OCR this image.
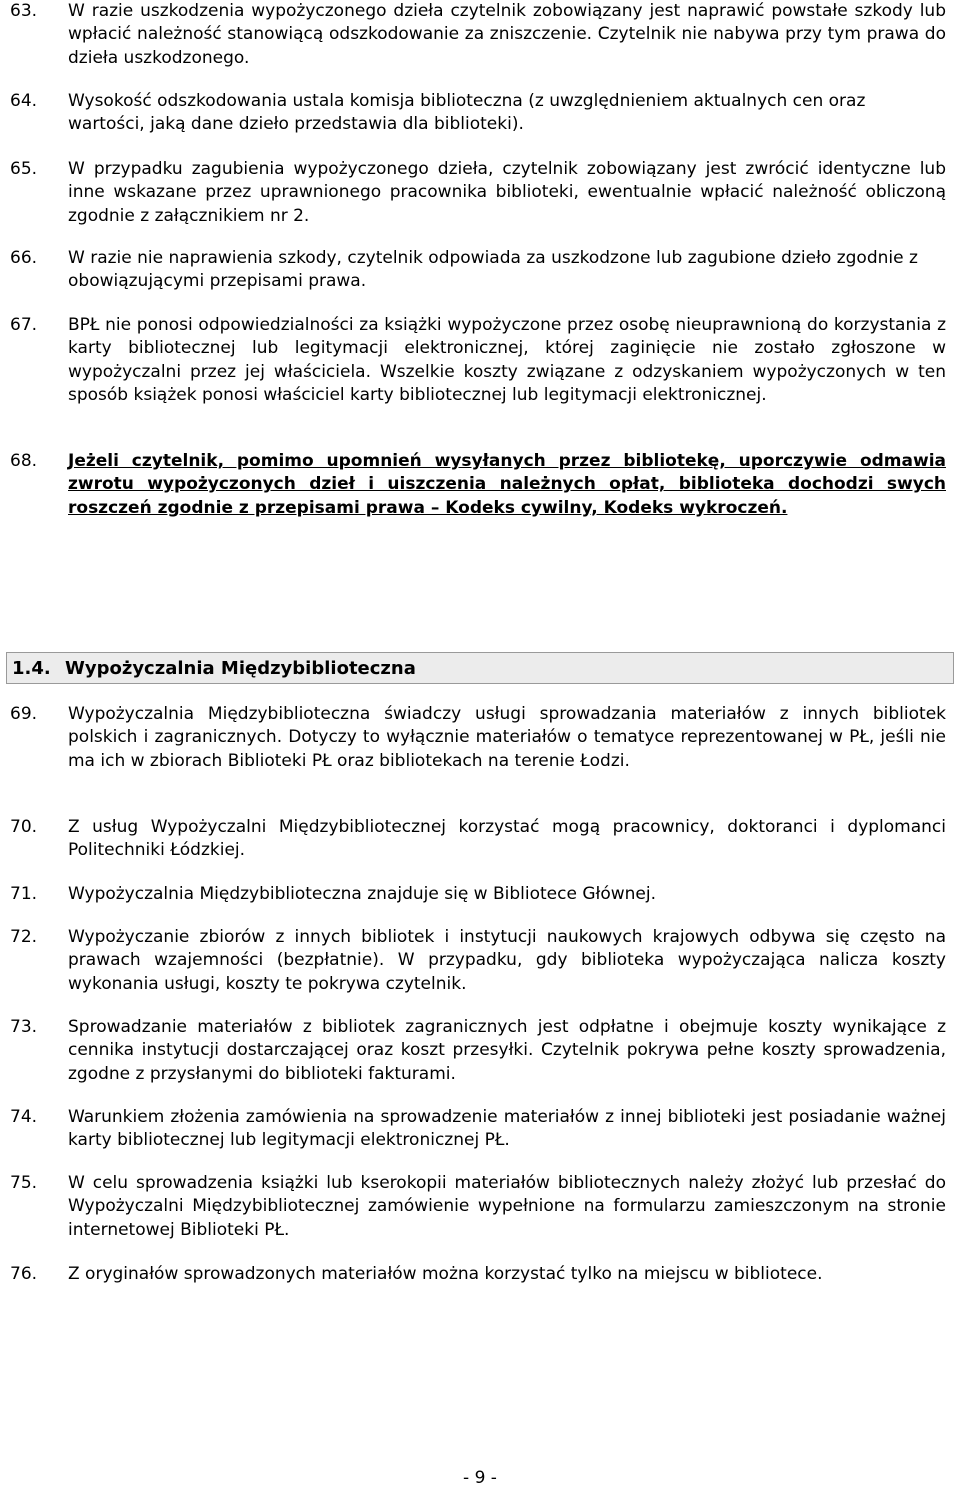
63.	W razie uszkodzenia wypożyczonego dzieła czytelnik zobowiązany jest naprawić powstałe szkody lub wpłacić należność stanowiącą odszkodowanie za zniszczenie. Czytelnik nie nabywa przy tym prawa do dzieła uszkodzonego.
64.	Wysokość odszkodowania ustala komisja biblioteczna (z uwzględnieniem aktualnych cen oraz wartości, jaką dane dzieło przedstawia dla biblioteki).
65.	W przypadku zagubienia wypożyczonego dzieła, czytelnik zobowiązany jest zwrócić identyczne lub inne wskazane przez uprawnionego pracownika biblioteki, ewentualnie wpłacić należność obliczoną zgodnie z załącznikiem nr 2.
66.	W razie nie naprawienia szkody, czytelnik odpowiada za uszkodzone lub zagubione dzieło zgodnie z obowiązującymi przepisami prawa.
67.	BPŁ nie ponosi odpowiedzialności za książki wypożyczone przez osobę nieuprawnioną do korzystania z karty bibliotecznej lub legitymacji elektronicznej, której zaginięcie nie zostało zgłoszone w wypożyczalni przez jej właściciela. Wszelkie koszty związane z odzyskaniem wypożyczonych w ten sposób książek ponosi właściciel karty bibliotecznej lub legitymacji elektronicznej.
68.	Jeżeli czytelnik, pomimo upomnień wysyłanych przez bibliotekę, uporczywie odmawia zwrotu wypożyczonych dzieł i uiszczenia należnych opłat, biblioteka dochodzi swych roszczeń zgodnie z przepisami prawa – Kodeks cywilny, Kodeks wykroczeń.
1.4. Wypożyczalnia Międzybiblioteczna
69.	Wypożyczalnia Międzybiblioteczna świadczy usługi sprowadzania materiałów z innych bibliotek polskich i zagranicznych. Dotyczy to wyłącznie materiałów o tematyce reprezentowanej w PŁ, jeśli nie ma ich w zbiorach Biblioteki PŁ oraz bibliotekach na terenie Łodzi.
70.	Z usług Wypożyczalni Międzybibliotecznej korzystać mogą pracownicy, doktoranci i dyplomanci Politechniki Łódzkiej.
71.	Wypożyczalnia Międzybiblioteczna znajduje się w Bibliotece Głównej.
72.	Wypożyczanie zbiorów z innych bibliotek i instytucji naukowych krajowych odbywa się często na prawach wzajemności (bezpłatnie). W przypadku, gdy biblioteka wypożyczająca nalicza koszty wykonania usługi, koszty te pokrywa czytelnik.
73.	Sprowadzanie materiałów z bibliotek zagranicznych jest odpłatne i obejmuje koszty wynikające z cennika instytucji dostarczającej oraz koszt przesyłki. Czytelnik pokrywa pełne koszty sprowadzenia, zgodne z przysłanymi do biblioteki fakturami.
74.	Warunkiem złożenia zamówienia na sprowadzenie materiałów z innej biblioteki jest posiadanie ważnej karty bibliotecznej lub legitymacji elektronicznej PŁ.
75.	W celu sprowadzenia książki lub kserokopii materiałów bibliotecznych należy złożyć lub przesłać do Wypożyczalni Międzybibliotecznej zamówienie wypełnione na formularzu zamieszczonym na stronie internetowej Biblioteki PŁ.
76.	Z oryginałów sprowadzonych materiałów można korzystać tylko na miejscu w bibliotece.
- 9 -
